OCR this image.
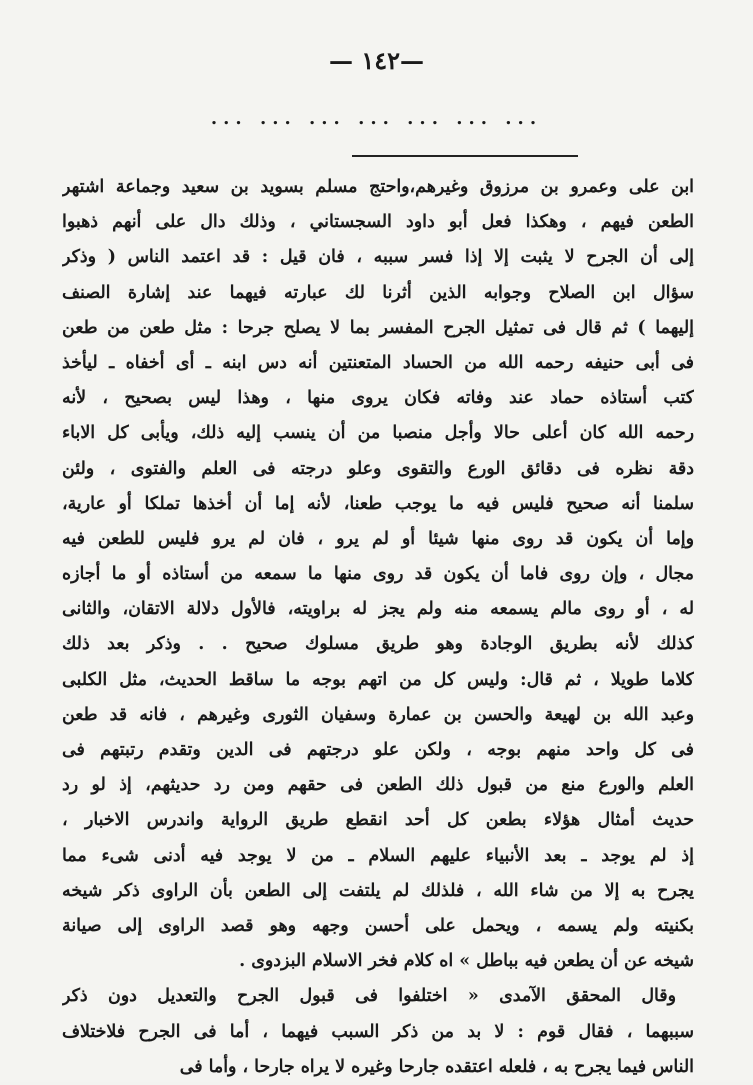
—١٤٢ —
... ... ... ... ... ... ...
ابن على وعمرو بن مرزوق وغيرهم،واحتج مسلم بسويد بن سعيد وجماعة اشتهر
الطعن فيهم ، وهكذا فعل أبو داود السجستاني ، وذلك دال على أنهم ذهبوا
إلى أن الجرح لا يثبت إلا إذا فسر سببه ، فان قيل : قد اعتمد الناس ( وذكر
سؤال ابن الصلاح وجوابه الذين أثرنا لك عبارته فيهما عند إشارة الصنف
إليهما ) ثم قال فى تمثيل الجرح المفسر بما لا يصلح جرحا : مثل طعن من طعن
فى أبى حنيفه رحمه الله من الحساد المتعنتين أنه دس ابنه ـ أى أخفاه ـ ليأخذ
كتب أستاذه حماد عند وفاته فكان يروى منها ، وهذا ليس بصحيح ، لأنه
رحمه الله كان أعلى حالا وأجل منصبا من أن ينسب إليه ذلك، ويأبى كل الاباء
دقة نظره فى دقائق الورع والتقوى وعلو درجته فى العلم والفتوى ، ولئن
سلمنا أنه صحيح فليس فيه ما يوجب طعنا، لأنه إما أن أخذها تملكا أو عارية،
وإما أن يكون قد روى منها شيئا أو لم يرو ، فان لم يرو فليس للطعن فيه
مجال ، وإن روى فاما أن يكون قد روى منها ما سمعه من أستاذه أو ما أجازه
له ، أو روى مالم يسمعه منه ولم يجز له براويته، فالأول دلالة الاتقان، والثانى
كذلك لأنه بطريق الوجادة وهو طريق مسلوك صحيح . . وذكر بعد ذلك
كلاما طويلا ، ثم قال: وليس كل من اتهم بوجه ما ساقط الحديث، مثل الكلبى
وعبد الله بن لهيعة والحسن بن عمارة وسفيان الثورى وغيرهم ، فانه قد طعن
فى كل واحد منهم بوجه ، ولكن علو درجتهم فى الدين وتقدم رتبتهم فى
العلم والورع منع من قبول ذلك الطعن فى حقهم ومن رد حديثهم، إذ لو رد
حديث أمثال هؤلاء بطعن كل أحد انقطع طريق الرواية واندرس الاخبار ،
إذ لم يوجد ـ بعد الأنبياء عليهم السلام ـ من لا يوجد فيه أدنى شىء مما
يجرح به إلا من شاء الله ، فلذلك لم يلتفت إلى الطعن بأن الراوى ذكر شيخه
بكنيته ولم يسمه ، ويحمل على أحسن وجهه وهو قصد الراوى إلى صيانة
شيخه عن أن يطعن فيه بباطل » اه كلام فخر الاسلام البزدوى .
وقال المحقق الآمدى « اختلفوا فى قبول الجرح والتعديل دون ذكر
سببهما ، فقال قوم : لا بد من ذكر السبب فيهما ، أما فى الجرح فلاختلاف
الناس فيما يجرح به ، فلعله اعتقده جارحا وغيره لا يراه جارحا ، وأما فى
